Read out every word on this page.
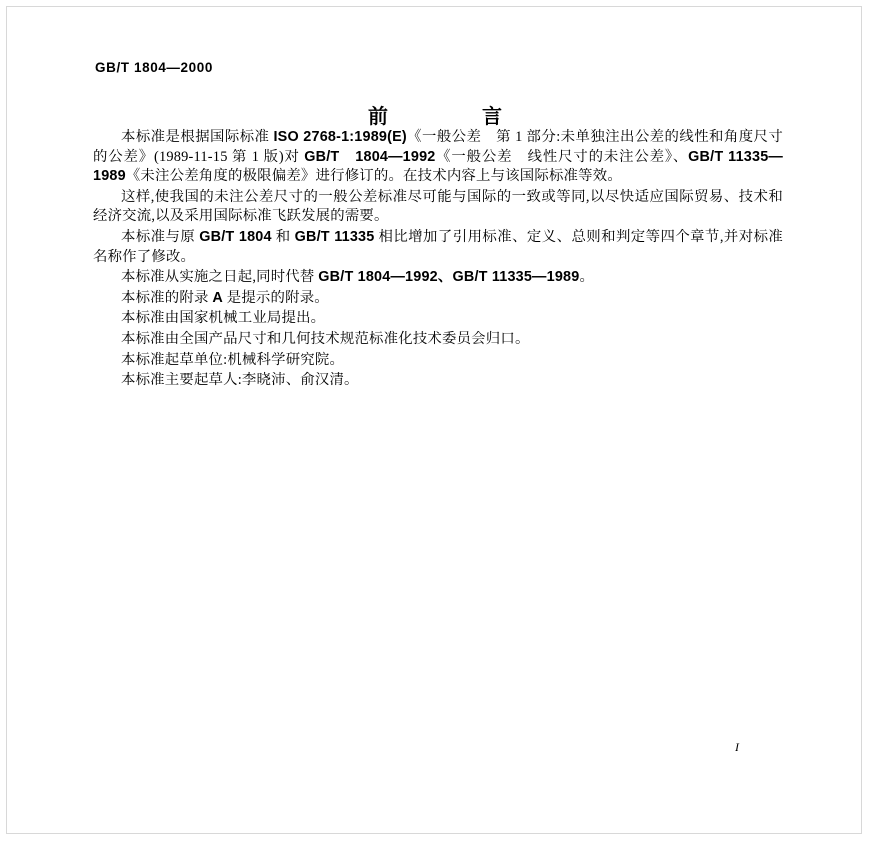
GB/T 1804—2000
前　　言
本标准是根据国际标准 ISO 2768-1:1989(E)《一般公差　第 1 部分:未单独注出公差的线性和角度尺寸的公差》(1989-11-15 第 1 版)对 GB/T　1804—1992《一般公差　线性尺寸的未注公差》、GB/T 11335—1989《未注公差角度的极限偏差》进行修订的。在技术内容上与该国际标准等效。
这样,使我国的未注公差尺寸的一般公差标准尽可能与国际的一致或等同,以尽快适应国际贸易、技术和经济交流,以及采用国际标准飞跃发展的需要。
本标准与原 GB/T 1804 和 GB/T 11335 相比增加了引用标准、定义、总则和判定等四个章节,并对标准名称作了修改。
本标准从实施之日起,同时代替 GB/T 1804—1992、GB/T 11335—1989。
本标准的附录 A 是提示的附录。
本标准由国家机械工业局提出。
本标准由全国产品尺寸和几何技术规范标准化技术委员会归口。
本标准起草单位:机械科学研究院。
本标准主要起草人:李晓沛、俞汉清。
I
